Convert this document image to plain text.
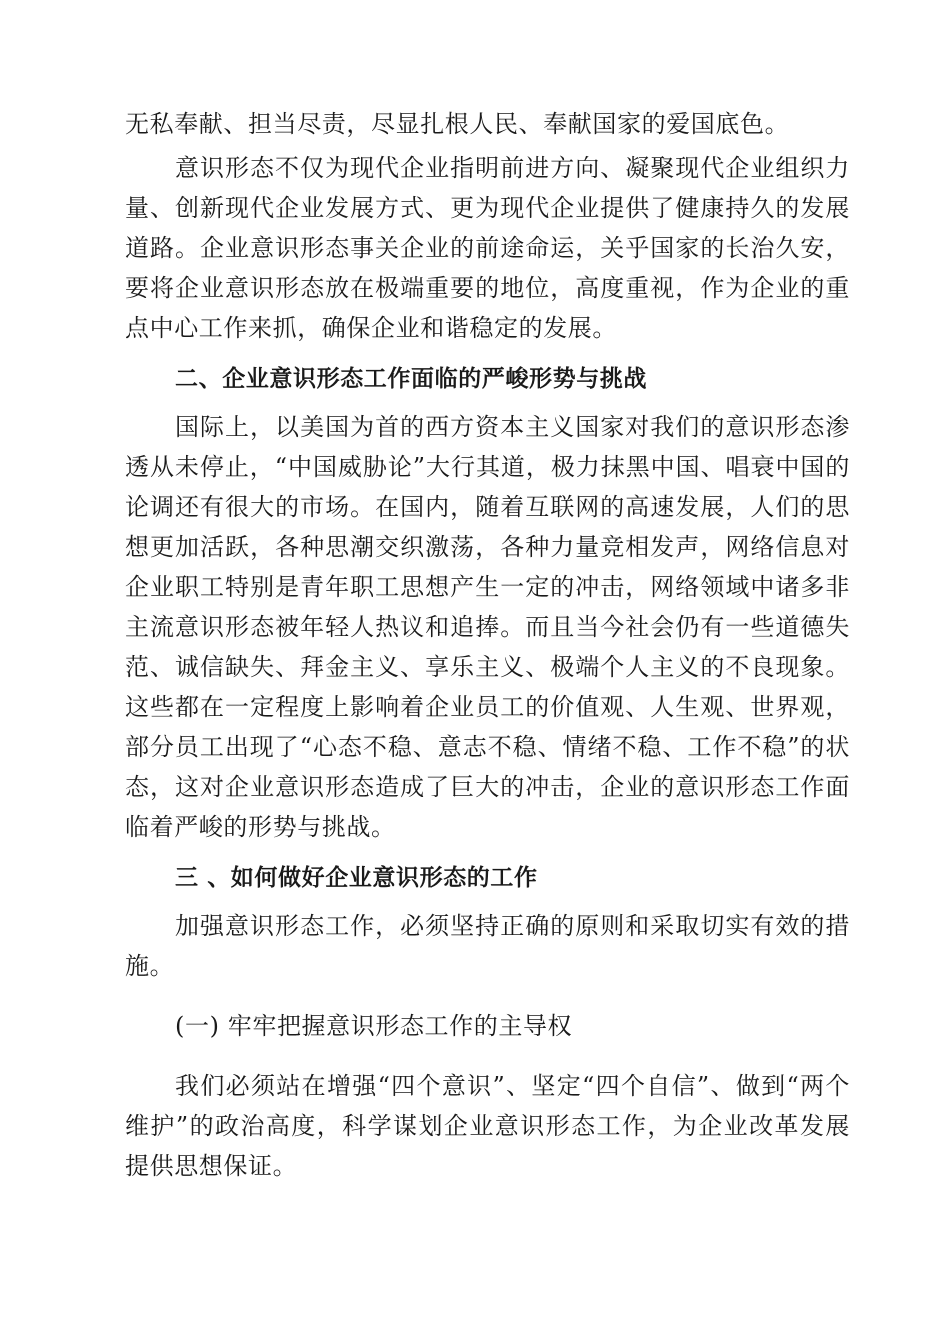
无私奉献、担当尽责，尽显扎根人民、奉献国家的爱国底色。

意识形态不仅为现代企业指明前进方向、凝聚现代企业组织力量、创新现代企业发展方式、更为现代企业提供了健康持久的发展道路。企业意识形态事关企业的前途命运，关乎国家的长治久安，要将企业意识形态放在极端重要的地位，高度重视，作为企业的重点中心工作来抓，确保企业和谐稳定的发展。

二、企业意识形态工作面临的严峻形势与挑战

国际上，以美国为首的西方资本主义国家对我们的意识形态渗透从未停止，“中国威胁论”大行其道，极力抹黑中国、唱衰中国的论调还有很大的市场。在国内，随着互联网的高速发展，人们的思想更加活跃，各种思潮交织激荡，各种力量竞相发声，网络信息对企业职工特别是青年职工思想产生一定的冲击，网络领域中诸多非主流意识形态被年轻人热议和追捧。而且当今社会仍有一些道德失范、诚信缺失、拜金主义、享乐主义、极端个人主义的不良现象。这些都在一定程度上影响着企业员工的价值观、人生观、世界观，部分员工出现了“心态不稳、意志不稳、情绪不稳、工作不稳”的状态，这对企业意识形态造成了巨大的冲击，企业的意识形态工作面临着严峻的形势与挑战。

三 、如何做好企业意识形态的工作

加强意识形态工作，必须坚持正确的原则和采取切实有效的措施。

(一) 牢牢把握意识形态工作的主导权

我们必须站在增强“四个意识”、坚定“四个自信”、做到“两个维护”的政治高度，科学谋划企业意识形态工作，为企业改革发展提供思想保证。
